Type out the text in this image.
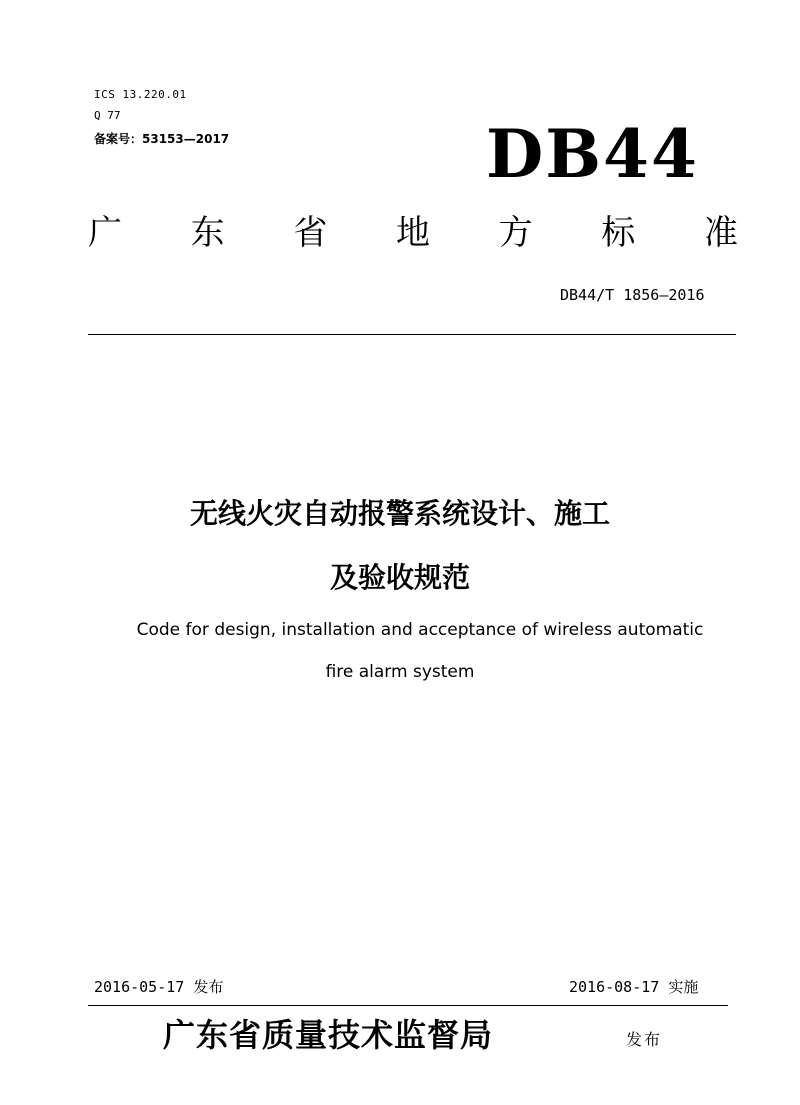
ICS 13.220.01
Q 77
备案号：53153—2017	DB44
广 东 省 地 方 标 准
DB44/T 1856—2016
无线火灾自动报警系统设计、施工
及验收规范
Code for design, installation and acceptance of wireless automatic
fire alarm system
2016-05-17 发布	2016-08-17 实施
广东省质量技术监督局	发布
